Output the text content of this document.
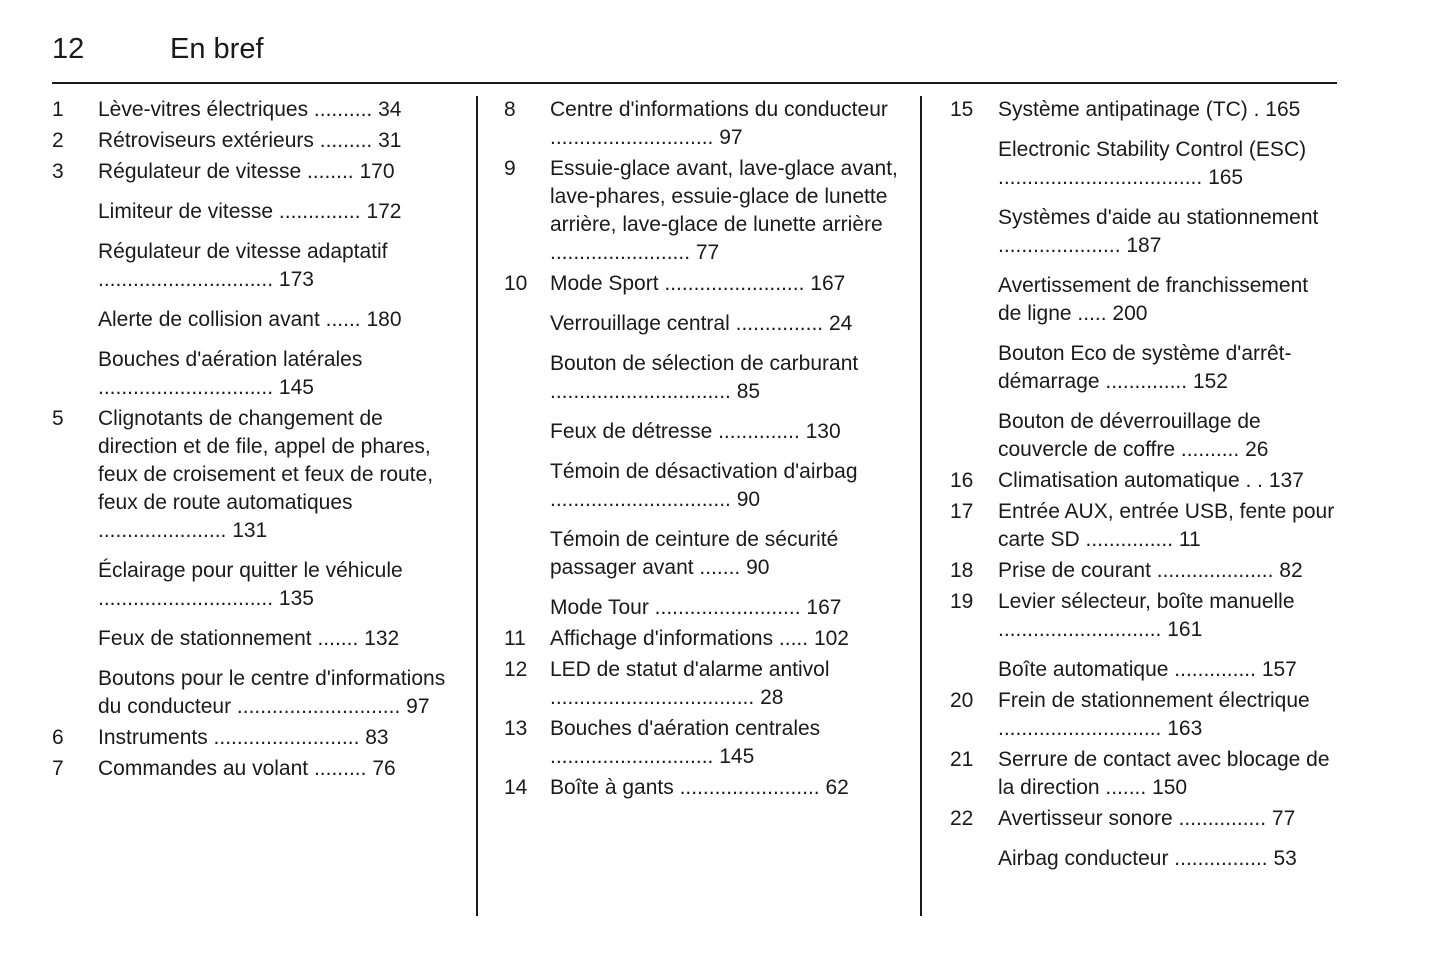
12	En bref
1	Lève-vitres électriques .......... 34
2	Rétroviseurs extérieurs ......... 31
3	Régulateur de vitesse ........ 170
Limiteur de vitesse .............. 172
Régulateur de vitesse adaptatif .............................. 173
Alerte de collision avant ...... 180
Bouches d'aération latérales .............................. 145
5	Clignotants de changement de direction et de file, appel de phares, feux de croisement et feux de route, feux de route automatiques ...................... 131
Éclairage pour quitter le véhicule .............................. 135
Feux de stationnement ....... 132
Boutons pour le centre d'informations du conducteur ............................ 97
6	Instruments ......................... 83
7	Commandes au volant ......... 76
8	Centre d'informations du conducteur ............................ 97
9	Essuie-glace avant, lave-glace avant, lave-phares, essuie-glace de lunette arrière, lave-glace de lunette arrière ........................ 77
10	Mode Sport ........................ 167
Verrouillage central ............... 24
Bouton de sélection de carburant ............................... 85
Feux de détresse .............. 130
Témoin de désactivation d'airbag ............................... 90
Témoin de ceinture de sécurité passager avant ....... 90
Mode Tour ......................... 167
11	Affichage d'informations ..... 102
12	LED de statut d'alarme antivol ................................... 28
13	Bouches d'aération centrales ............................ 145
14	Boîte à gants ........................ 62
15	Système antipatinage (TC) . 165
Electronic Stability Control (ESC) ................................... 165
Systèmes d'aide au stationnement ..................... 187
Avertissement de franchissement de ligne ..... 200
Bouton Eco de système d'arrêt-démarrage .............. 152
Bouton de déverrouillage de couvercle de coffre .......... 26
16	Climatisation automatique . . 137
17	Entrée AUX, entrée USB, fente pour carte SD ............... 11
18	Prise de courant .................... 82
19	Levier sélecteur, boîte manuelle ............................ 161
Boîte automatique .............. 157
20	Frein de stationnement électrique ............................ 163
21	Serrure de contact avec blocage de la direction ....... 150
22	Avertisseur sonore ............... 77
Airbag conducteur ................ 53
